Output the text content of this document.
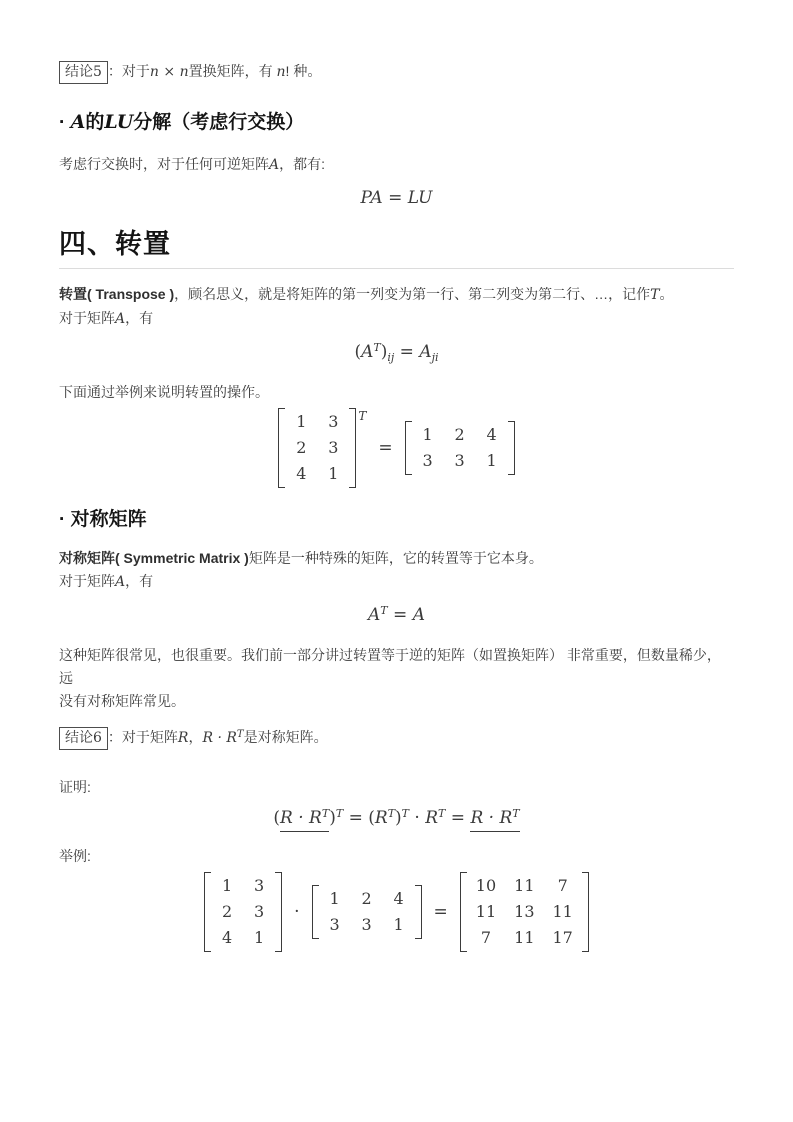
结论5 ：对于n × n置换矩阵，有 n! 种。

· A的LU分解（考虑行交换）

考虑行交换时，对于任何可逆矩阵A，都有:

PA = LU
四、转置

转置( Transpose )，顾名思义，就是将矩阵的第一列变为第一行、第二列变为第二行、…，记作T。
对于矩阵A，有

$(A^T)_{ij} = A_{ji}$

下面通过举例来说明转置的操作。

1 3
2 3
4 1
T
=
1 2 4
3 3 1
· 对称矩阵

对称矩阵( Symmetric Matrix )矩阵是一种特殊的矩阵，它的转置等于它本身。
对于矩阵A，有

$A^T = A$

这种矩阵很常见，也很重要。我们前一部分讲过转置等于逆的矩阵（如置换矩阵） 非常重要，但数量稀少，远
没有对称矩阵常见。

结论6 ：对于矩阵R，$R \cdot R^T$是对称矩阵。

证明:

$(R \cdot R^T)^T = (R^T)^T \cdot R^T = R \cdot R^T$

举例:

1 3
2 3
4 1
·
1 2 4
3 3 1
=
10 11	7
11 13 11
7	11 17
